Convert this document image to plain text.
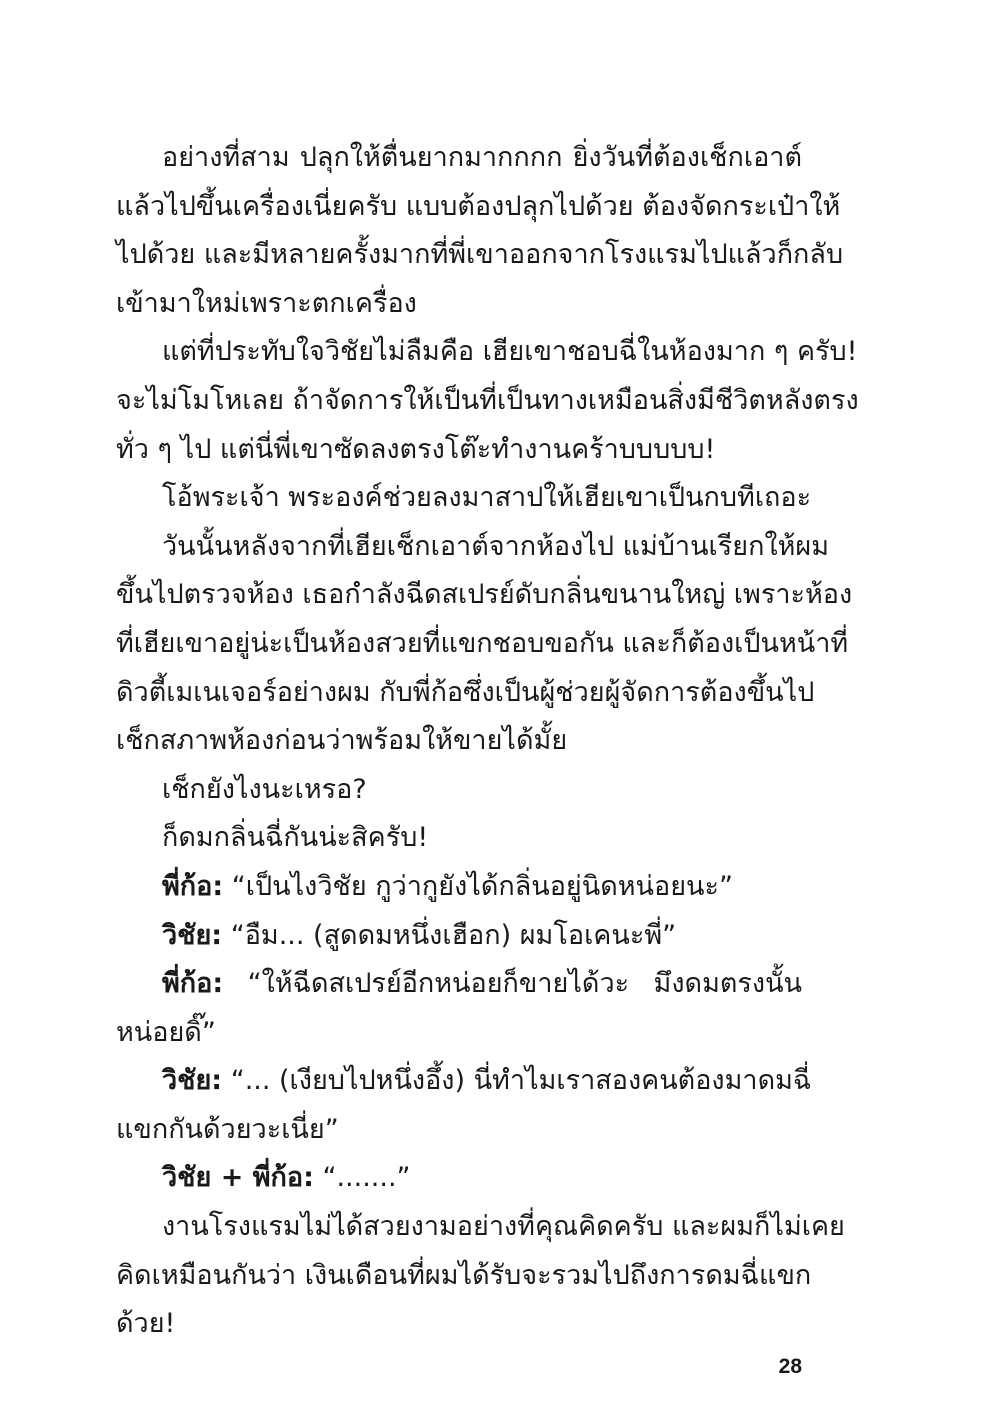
อย่างที่สาม ปลุกให้ตื่นยากมากกกก ยิ่งวันที่ต้องเช็กเอาต์
แล้วไปขึ้นเครื่องเนี่ยครับ แบบต้องปลุกไปด้วย ต้องจัดกระเป๋าให้
ไปด้วย และมีหลายครั้งมากที่พี่เขาออกจากโรงแรมไปแล้วก็กลับ
เข้ามาใหม่เพราะตกเครื่อง
แต่ที่ประทับใจวิชัยไม่ลืมคือ เฮียเขาชอบฉี่ในห้องมาก ๆ ครับ!
จะไม่โมโหเลย ถ้าจัดการให้เป็นที่เป็นทางเหมือนสิ่งมีชีวิตหลังตรง
ทั่ว ๆ ไป แต่นี่พี่เขาซัดลงตรงโต๊ะทำงานคร้าบบบบบ!
โอ้พระเจ้า พระองค์ช่วยลงมาสาปให้เฮียเขาเป็นกบทีเถอะ
วันนั้นหลังจากที่เฮียเช็กเอาต์จากห้องไป แม่บ้านเรียกให้ผม
ขึ้นไปตรวจห้อง เธอกำลังฉีดสเปรย์ดับกลิ่นขนานใหญ่ เพราะห้อง
ที่เฮียเขาอยู่น่ะเป็นห้องสวยที่แขกชอบขอกัน และก็ต้องเป็นหน้าที่
ดิวตี้เมเนเจอร์อย่างผม กับพี่ก้อซึ่งเป็นผู้ช่วยผู้จัดการต้องขึ้นไป
เช็กสภาพห้องก่อนว่าพร้อมให้ขายได้มั้ย
เช็กยังไงนะเหรอ?
ก็ดมกลิ่นฉี่กันน่ะสิครับ!
พี่ก้อ: “เป็นไงวิชัย กูว่ากูยังได้กลิ่นอยู่นิดหน่อยนะ”
วิชัย: “อืม... (สูดดมหนึ่งเฮือก) ผมโอเคนะพี่”
พี่ก้อ: “ให้ฉีดสเปรย์อีกหน่อยก็ขายได้วะ มึงดมตรงนั้น
หน่อยดิ๊”
วิชัย: “... (เงียบไปหนึ่งอึ้ง) นี่ทำไมเราสองคนต้องมาดมฉี่
แขกกันด้วยวะเนี่ย”
วิชัย + พี่ก้อ: “.......”
งานโรงแรมไม่ได้สวยงามอย่างที่คุณคิดครับ และผมก็ไม่เคย
คิดเหมือนกันว่า เงินเดือนที่ผมได้รับจะรวมไปถึงการดมฉี่แขก
ด้วย!
28
